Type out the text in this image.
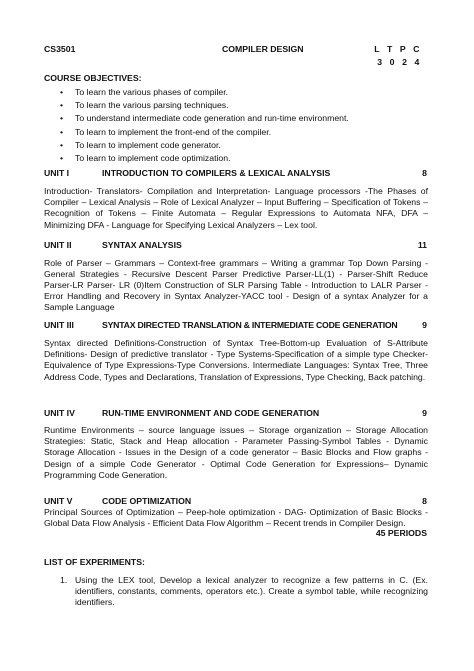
CS3501	COMPILER DESIGN	L T P C
3 0 2 4
COURSE OBJECTIVES:
• To learn the various phases of compiler.
• To learn the various parsing techniques.
• To understand intermediate code generation and run-time environment.
• To learn to implement the front-end of the compiler.
• To learn to implement code generator.
• To learn to implement code optimization.
UNIT I	INTRODUCTION TO COMPILERS & LEXICAL ANALYSIS	8
Introduction- Translators- Compilation and Interpretation- Language processors -The Phases of Compiler – Lexical Analysis – Role of Lexical Analyzer – Input Buffering – Specification of Tokens – Recognition of Tokens – Finite Automata – Regular Expressions to Automata NFA, DFA – Minimizing DFA - Language for Specifying Lexical Analyzers – Lex tool.
UNIT II	SYNTAX ANALYSIS	11
Role of Parser – Grammars – Context-free grammars – Writing a grammar Top Down Parsing - General Strategies - Recursive Descent Parser Predictive Parser-LL(1) - Parser-Shift Reduce Parser-LR Parser- LR (0)Item Construction of SLR Parsing Table - Introduction to LALR Parser - Error Handling and Recovery in Syntax Analyzer-YACC tool - Design of a syntax Analyzer for a Sample Language
UNIT III	SYNTAX DIRECTED TRANSLATION & INTERMEDIATE CODE GENERATION	9
Syntax directed Definitions-Construction of Syntax Tree-Bottom-up Evaluation of S-Attribute Definitions- Design of predictive translator - Type Systems-Specification of a simple type Checker- Equivalence of Type Expressions-Type Conversions. Intermediate Languages: Syntax Tree, Three Address Code, Types and Declarations, Translation of Expressions, Type Checking, Back patching.
UNIT IV	RUN-TIME ENVIRONMENT AND CODE GENERATION	9
Runtime Environments – source language issues – Storage organization – Storage Allocation Strategies: Static, Stack and Heap allocation - Parameter Passing-Symbol Tables - Dynamic Storage Allocation - Issues in the Design of a code generator – Basic Blocks and Flow graphs - Design of a simple Code Generator - Optimal Code Generation for Expressions– Dynamic Programming Code Generation.
UNIT V	CODE OPTIMIZATION	8
Principal Sources of Optimization – Peep-hole optimization - DAG- Optimization of Basic Blocks -Global Data Flow Analysis - Efficient Data Flow Algorithm – Recent trends in Compiler Design.
45 PERIODS
LIST OF EXPERIMENTS:
1. Using the LEX tool, Develop a lexical analyzer to recognize a few patterns in C. (Ex. identifiers, constants, comments, operators etc.). Create a symbol table, while recognizing identifiers.
